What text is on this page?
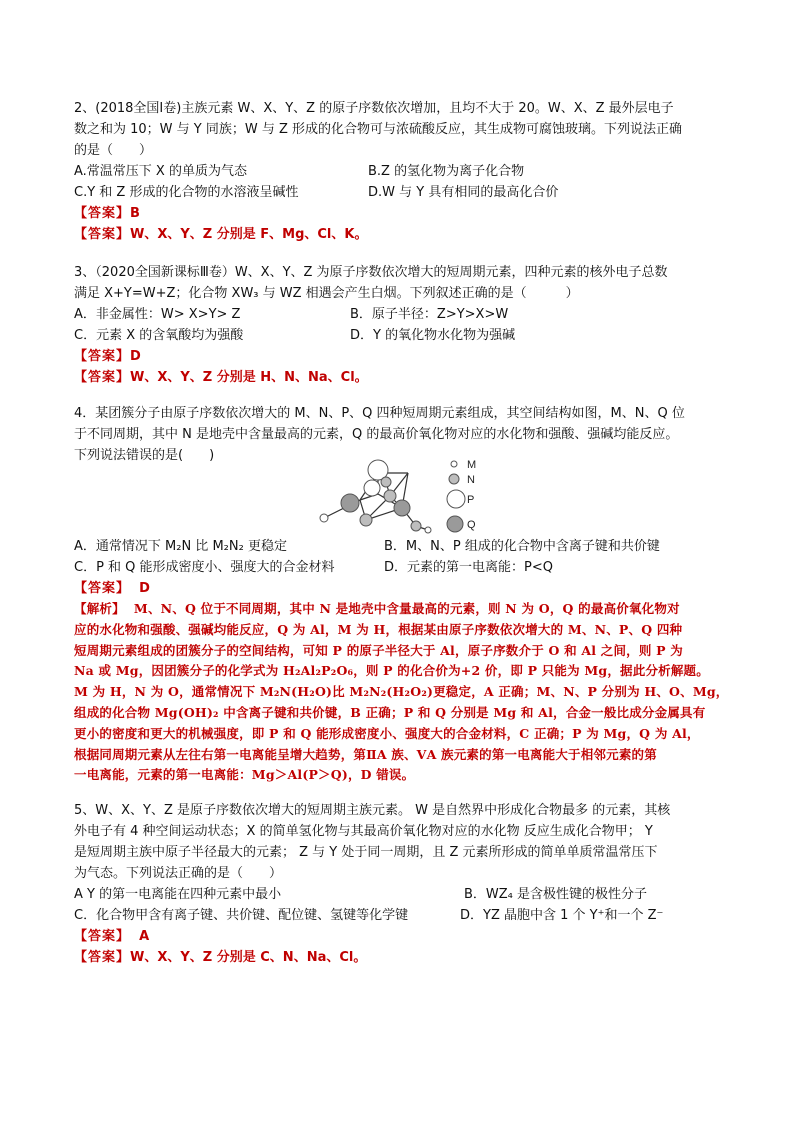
2、(2018全国Ⅰ卷)主族元素 W、X、Y、Z 的原子序数依次增加，且均不大于 20。W、X、Z 最外层电子
数之和为 10；W 与 Y 同族；W 与 Z 形成的化合物可与浓硫酸反应，其生成物可腐蚀玻璃。下列说法正确
的是（　　）
A.常温常压下 X 的单质为气态	B.Z 的氢化物为离子化合物
C.Y 和 Z 形成的化合物的水溶液呈碱性	D.W 与 Y 具有相同的最高化合价
【答案】B
【答案】W、X、Y、Z 分别是 F、Mg、Cl、K。
3、（2020全国新课标Ⅲ卷）W、X、Y、Z 为原子序数依次增大的短周期元素，四种元素的核外电子总数
满足 X+Y=W+Z；化合物 XW₃ 与 WZ 相遇会产生白烟。下列叙述正确的是（　　　）
A．非金属性：W> X>Y> Z	B．原子半径：Z>Y>X>W
C．元素 X 的含氧酸均为强酸	D．Y 的氧化物水化物为强碱
【答案】D
【答案】W、X、Y、Z 分别是 H、N、Na、Cl。
4．某团簇分子由原子序数依次增大的 M、N、P、Q 四种短周期元素组成，其空间结构如图，M、N、Q 位
于不同周期，其中 N 是地壳中含量最高的元素，Q 的最高价氧化物对应的水化物和强酸、强碱均能反应。
下列说法错误的是(　　)
M
N
P
Q
A．通常情况下 M₂N 比 M₂N₂ 更稳定	B．M、N、P 组成的化合物中含离子键和共价键
C．P 和 Q 能形成密度小、强度大的合金材料	D．元素的第一电离能：P<Q
【答案】 D
【解析】 M、N、Q 位于不同周期，其中 N 是地壳中含量最高的元素，则 N 为 O，Q 的最高价氧化物对
应的水化物和强酸、强碱均能反应，Q 为 Al，M 为 H，根据某由原子序数依次增大的 M、N、P、Q 四种
短周期元素组成的团簇分子的空间结构，可知 P 的原子半径大于 Al，原子序数介于 O 和 Al 之间，则 P 为
Na 或 Mg，因团簇分子的化学式为 H₂Al₂P₂O₆，则 P 的化合价为+2 价，即 P 只能为 Mg，据此分析解题。
M 为 H，N 为 O，通常情况下 M₂N(H₂O)比 M₂N₂(H₂O₂)更稳定，A 正确；M、N、P 分别为 H、O、Mg，
组成的化合物 Mg(OH)₂ 中含离子键和共价键，B 正确；P 和 Q 分别是 Mg 和 Al，合金一般比成分金属具有
更小的密度和更大的机械强度，即 P 和 Q 能形成密度小、强度大的合金材料，C 正确；P 为 Mg，Q 为 Al，
根据同周期元素从左往右第一电离能呈增大趋势，第ⅡA 族、ⅤA 族元素的第一电离能大于相邻元素的第
一电离能，元素的第一电离能：Mg＞Al(P＞Q)，D 错误。
5、W、X、Y、Z 是原子序数依次增大的短周期主族元素。 W 是自然界中形成化合物最多 的元素，其核
外电子有 4 种空间运动状态；X 的简单氢化物与其最高价氧化物对应的水化物 反应生成化合物甲； Y
是短周期主族中原子半径最大的元素； Z 与 Y 处于同一周期，且 Z 元素所形成的简单单质常温常压下
为气态。下列说法正确的是（　　）
A Y 的第一电离能在四种元素中最小	B．WZ₄ 是含极性键的极性分子
C．化合物甲含有离子键、共价键、配位键、氢键等化学键	D．YZ 晶胞中含 1 个 Y⁺和一个 Z⁻
【答案】 A
【答案】W、X、Y、Z 分别是 C、N、Na、Cl。
